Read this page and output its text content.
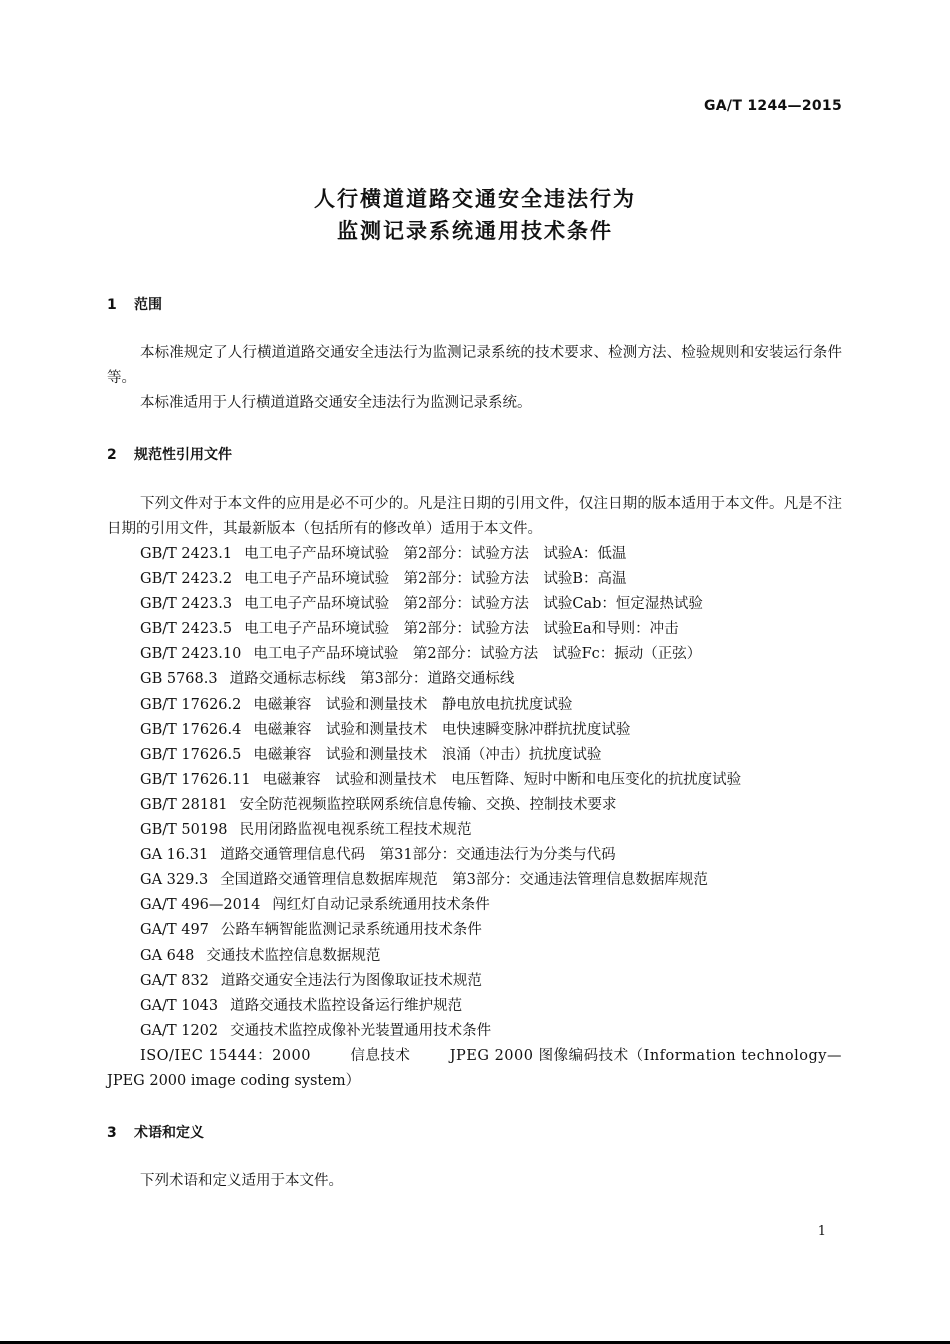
GA/T 1244—2015
人行横道道路交通安全违法行为
监测记录系统通用技术条件
1 范围
本标准规定了人行横道道路交通安全违法行为监测记录系统的技术要求、检测方法、检验规则和安装运行条件等。
本标准适用于人行横道道路交通安全违法行为监测记录系统。
2 规范性引用文件
下列文件对于本文件的应用是必不可少的。凡是注日期的引用文件，仅注日期的版本适用于本文件。凡是不注日期的引用文件，其最新版本（包括所有的修改单）适用于本文件。
GB/T 2423.1 电工电子产品环境试验　第2部分：试验方法　试验A：低温
GB/T 2423.2 电工电子产品环境试验　第2部分：试验方法　试验B：高温
GB/T 2423.3 电工电子产品环境试验　第2部分：试验方法　试验Cab：恒定湿热试验
GB/T 2423.5 电工电子产品环境试验　第2部分：试验方法　试验Ea和导则：冲击
GB/T 2423.10 电工电子产品环境试验　第2部分：试验方法　试验Fc：振动（正弦）
GB 5768.3 道路交通标志标线　第3部分：道路交通标线
GB/T 17626.2 电磁兼容　试验和测量技术　静电放电抗扰度试验
GB/T 17626.4 电磁兼容　试验和测量技术　电快速瞬变脉冲群抗扰度试验
GB/T 17626.5 电磁兼容　试验和测量技术　浪涌（冲击）抗扰度试验
GB/T 17626.11 电磁兼容　试验和测量技术　电压暂降、短时中断和电压变化的抗扰度试验
GB/T 28181 安全防范视频监控联网系统信息传输、交换、控制技术要求
GB/T 50198 民用闭路监视电视系统工程技术规范
GA 16.31 道路交通管理信息代码　第31部分：交通违法行为分类与代码
GA 329.3 全国道路交通管理信息数据库规范　第3部分：交通违法管理信息数据库规范
GA/T 496—2014 闯红灯自动记录系统通用技术条件
GA/T 497 公路车辆智能监测记录系统通用技术条件
GA 648 交通技术监控信息数据规范
GA/T 832 道路交通安全违法行为图像取证技术规范
GA/T 1043 道路交通技术监控设备运行维护规范
GA/T 1202 交通技术监控成像补光装置通用技术条件
ISO/IEC 15444：2000	信息技术	JPEG 2000 图像编码技术（Information technology—
JPEG 2000 image coding system）
3 术语和定义
下列术语和定义适用于本文件。
1
